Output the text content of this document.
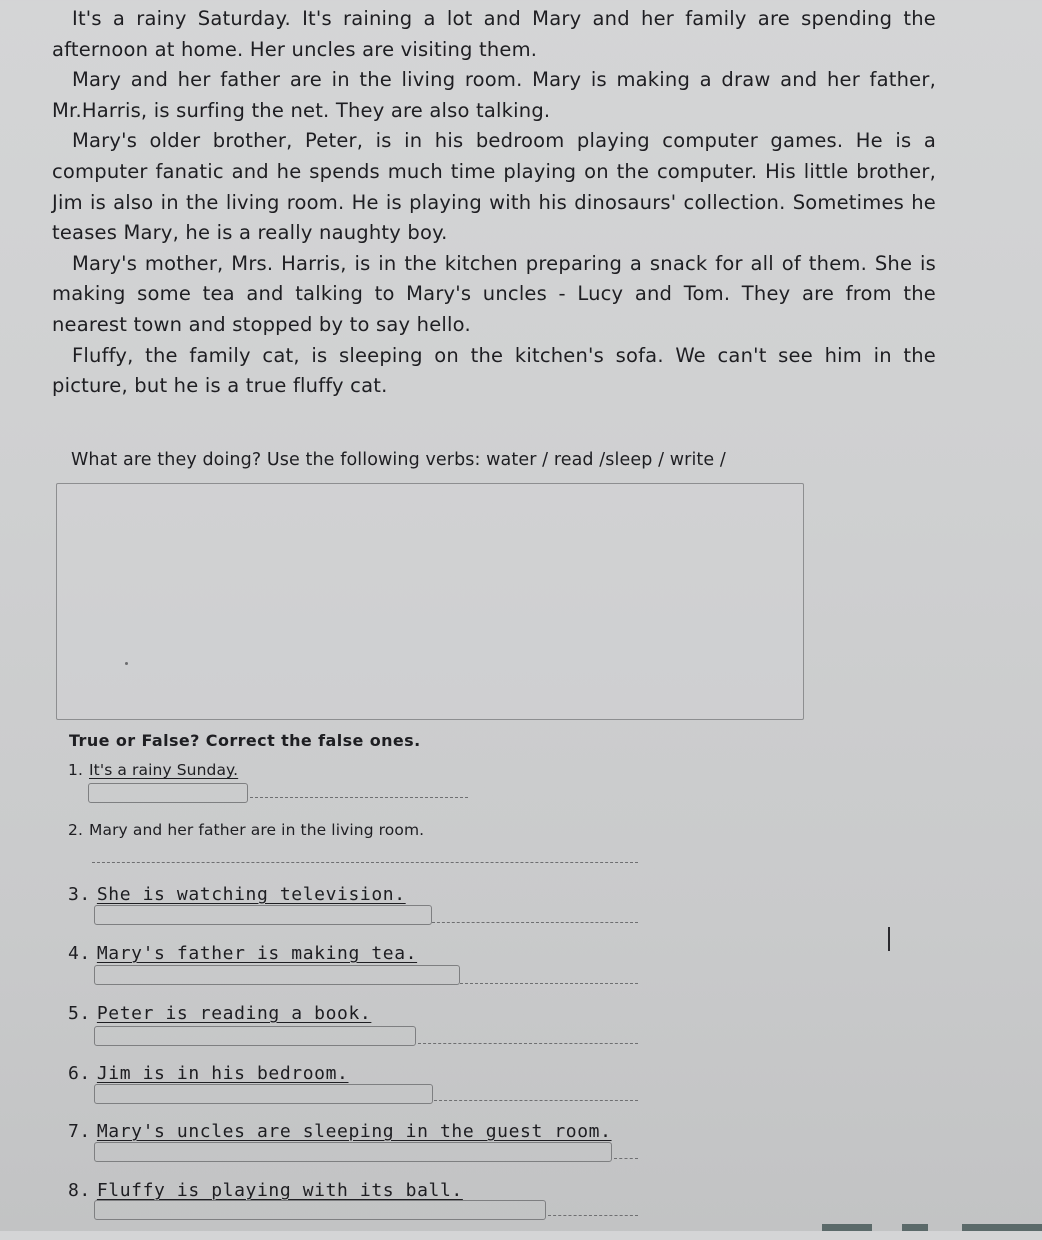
It's a rainy Saturday. It's raining a lot and Mary and her family are spending the afternoon at home. Her uncles are visiting them.

Mary and her father are in the living room. Mary is making a draw and her father, Mr.Harris, is surfing the net. They are also talking.

Mary's older brother, Peter, is in his bedroom playing computer games. He is a computer fanatic and he spends much time playing on the computer. His little brother, Jim is also in the living room. He is playing with his dinosaurs' collection. Sometimes he teases Mary, he is a really naughty boy.

Mary's mother, Mrs. Harris, is in the kitchen preparing a snack for all of them. She is making some tea and talking to Mary's uncles - Lucy and Tom. They are from the nearest town and stopped by to say hello.

Fluffy, the family cat, is sleeping on the kitchen's sofa. We can't see him in the picture, but he is a true fluffy cat.

What are they doing? Use the following verbs: water / read /sleep / write /
True or False? Correct the false ones.
1. It's a rainy Sunday.
2. Mary and her father are in the living room.
3. She is watching television.
4. Mary's father is making tea.
5. Peter is reading a book.
6. Jim is in his bedroom.
7. Mary's uncles are sleeping in the guest room.
8. Fluffy is playing with its ball.
